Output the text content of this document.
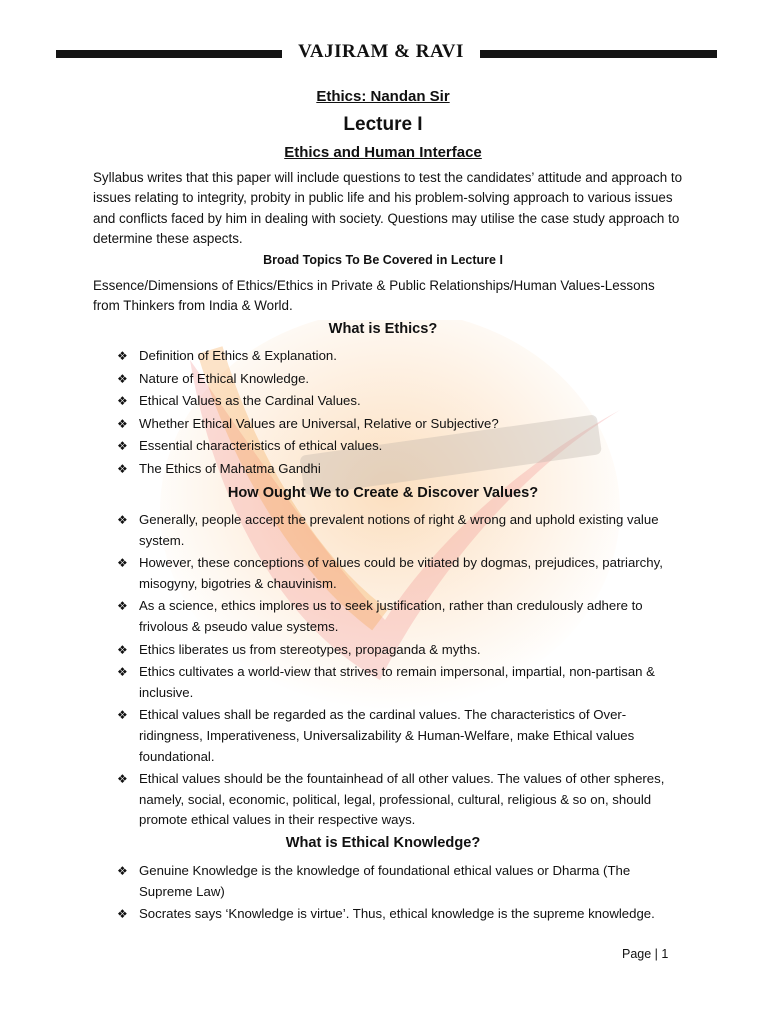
VAJIRAM & RAVI
Ethics: Nandan Sir
Lecture I
Ethics and Human Interface
Syllabus writes that this paper will include questions to test the candidates’ attitude and approach to issues relating to integrity, probity in public life and his problem-solving approach to various issues and conflicts faced by him in dealing with society. Questions may utilise the case study approach to determine these aspects.
Broad Topics To Be Covered in Lecture I
Essence/Dimensions of Ethics/Ethics in Private & Public Relationships/Human Values-Lessons from Thinkers from India & World.
What is Ethics?
❖ Definition of Ethics & Explanation.
❖ Nature of Ethical Knowledge.
❖ Ethical Values as the Cardinal Values.
❖ Whether Ethical Values are Universal, Relative or Subjective?
❖ Essential characteristics of ethical values.
❖ The Ethics of Mahatma Gandhi
How Ought We to Create & Discover Values?
❖ Generally, people accept the prevalent notions of right & wrong and uphold existing value system.
❖ However, these conceptions of values could be vitiated by dogmas, prejudices, patriarchy, misogyny, bigotries & chauvinism.
❖ As a science, ethics implores us to seek justification, rather than credulously adhere to frivolous & pseudo value systems.
❖ Ethics liberates us from stereotypes, propaganda & myths.
❖ Ethics cultivates a world-view that strives to remain impersonal, impartial, non-partisan & inclusive.
❖ Ethical values shall be regarded as the cardinal values. The characteristics of Over-ridingness, Imperativeness, Universalizability & Human-Welfare, make Ethical values foundational.
❖ Ethical values should be the fountainhead of all other values. The values of other spheres, namely, social, economic, political, legal, professional, cultural, religious & so on, should promote ethical values in their respective ways.
What is Ethical Knowledge?
❖ Genuine Knowledge is the knowledge of foundational ethical values or Dharma (The Supreme Law)
❖ Socrates says ‘Knowledge is virtue’. Thus, ethical knowledge is the supreme knowledge.
Page | 1
